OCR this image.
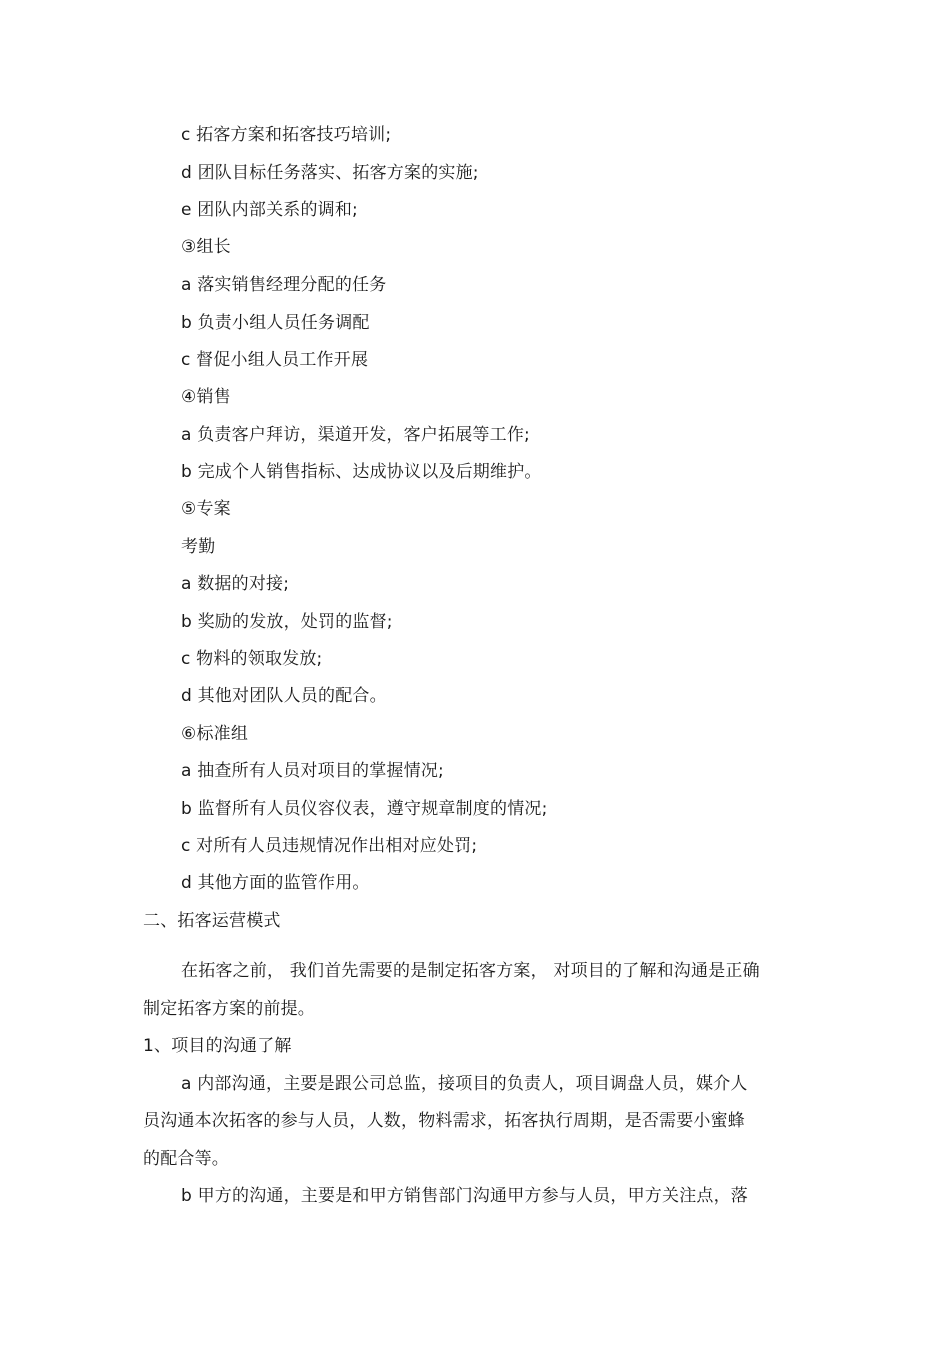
c 拓客方案和拓客技巧培训;
d 团队目标任务落实、拓客方案的实施;
e 团队内部关系的调和;
③组长
a 落实销售经理分配的任务
b 负责小组人员任务调配
c 督促小组人员工作开展
④销售
a 负责客户拜访，渠道开发，客户拓展等工作;
b 完成个人销售指标、达成协议以及后期维护。
⑤专案
考勤
a 数据的对接;
b 奖励的发放，处罚的监督;
c 物料的领取发放;
d 其他对团队人员的配合。
⑥标准组
a 抽查所有人员对项目的掌握情况;
b 监督所有人员仪容仪表，遵守规章制度的情况;
c 对所有人员违规情况作出相对应处罚;
d 其他方面的监管作用。
二、拓客运营模式
在拓客之前， 我们首先需要的是制定拓客方案， 对项目的了解和沟通是正确
制定拓客方案的前提。
1、项目的沟通了解
a 内部沟通，主要是跟公司总监，接项目的负责人，项目调盘人员，媒介人
员沟通本次拓客的参与人员，人数，物料需求，拓客执行周期，是否需要小蜜蜂
的配合等。
b 甲方的沟通，主要是和甲方销售部门沟通甲方参与人员，甲方关注点，落
